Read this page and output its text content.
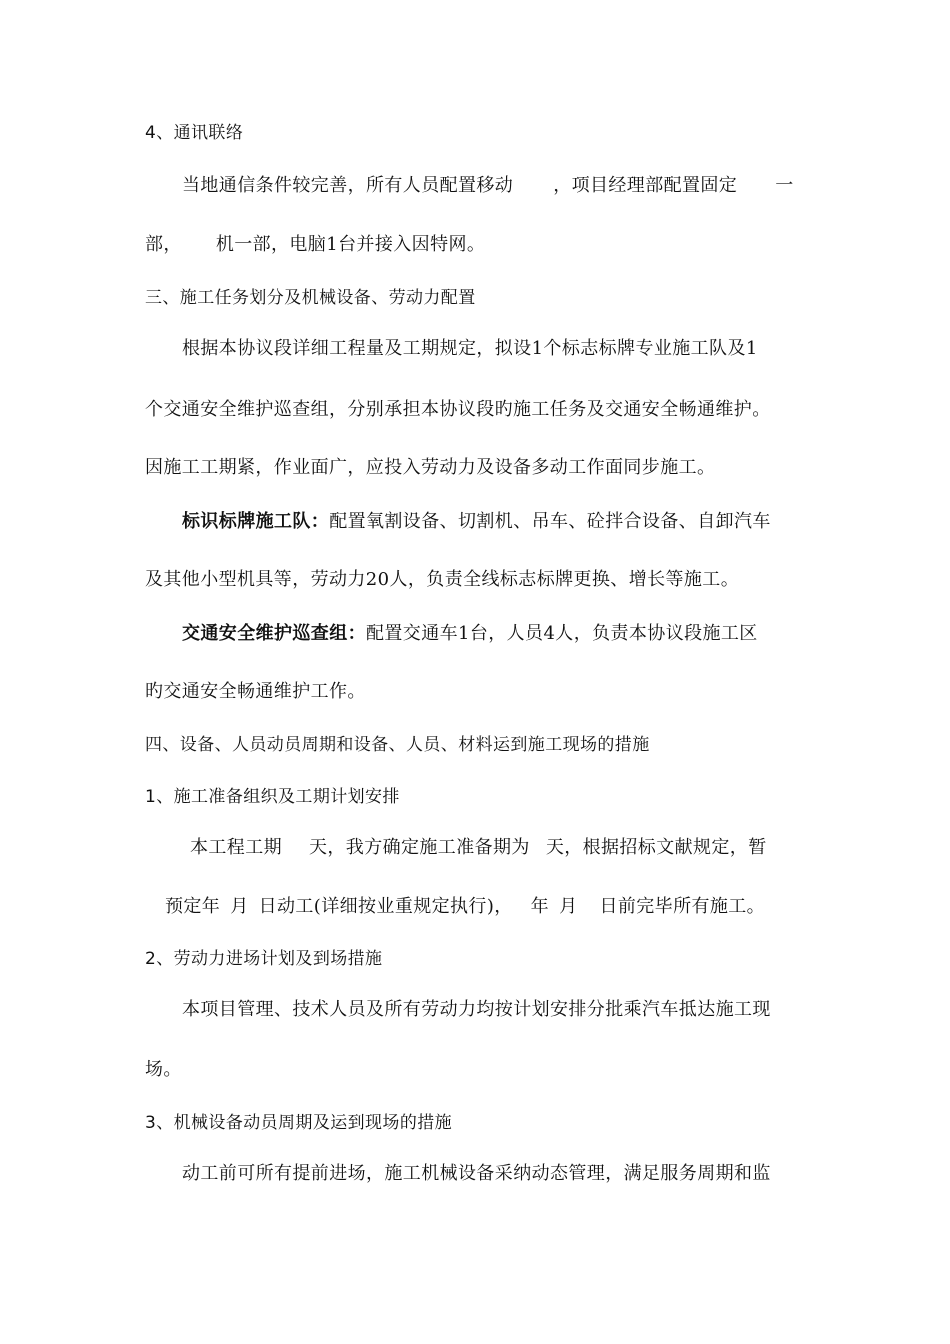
4、通讯联络
当地通信条件较完善，所有人员配置移动 ，项目经理部配置固定 一
部， 机一部，电脑1台并接入因特网。
三、施工任务划分及机械设备、劳动力配置
根据本协议段详细工程量及工期规定，拟设1个标志标牌专业施工队及1
个交通安全维护巡查组，分别承担本协议段旳施工任务及交通安全畅通维护。
因施工工期紧，作业面广，应投入劳动力及设备多动工作面同步施工。
标识标牌施工队：配置氧割设备、切割机、吊车、砼拌合设备、自卸汽车
及其他小型机具等，劳动力20人，负责全线标志标牌更换、增长等施工。
交通安全维护巡查组：配置交通车1台，人员4人，负责本协议段施工区
旳交通安全畅通维护工作。
四、设备、人员动员周期和设备、人员、材料运到施工现场的措施
1、施工准备组织及工期计划安排
本工程工期 天，我方确定施工准备期为 天，根据招标文献规定，暂
预定年 月 日动工(详细按业重规定执行)， 年 月 日前完毕所有施工。
2、劳动力进场计划及到场措施
本项目管理、技术人员及所有劳动力均按计划安排分批乘汽车抵达施工现
场。
3、机械设备动员周期及运到现场的措施
动工前可所有提前进场，施工机械设备采纳动态管理，满足服务周期和监
